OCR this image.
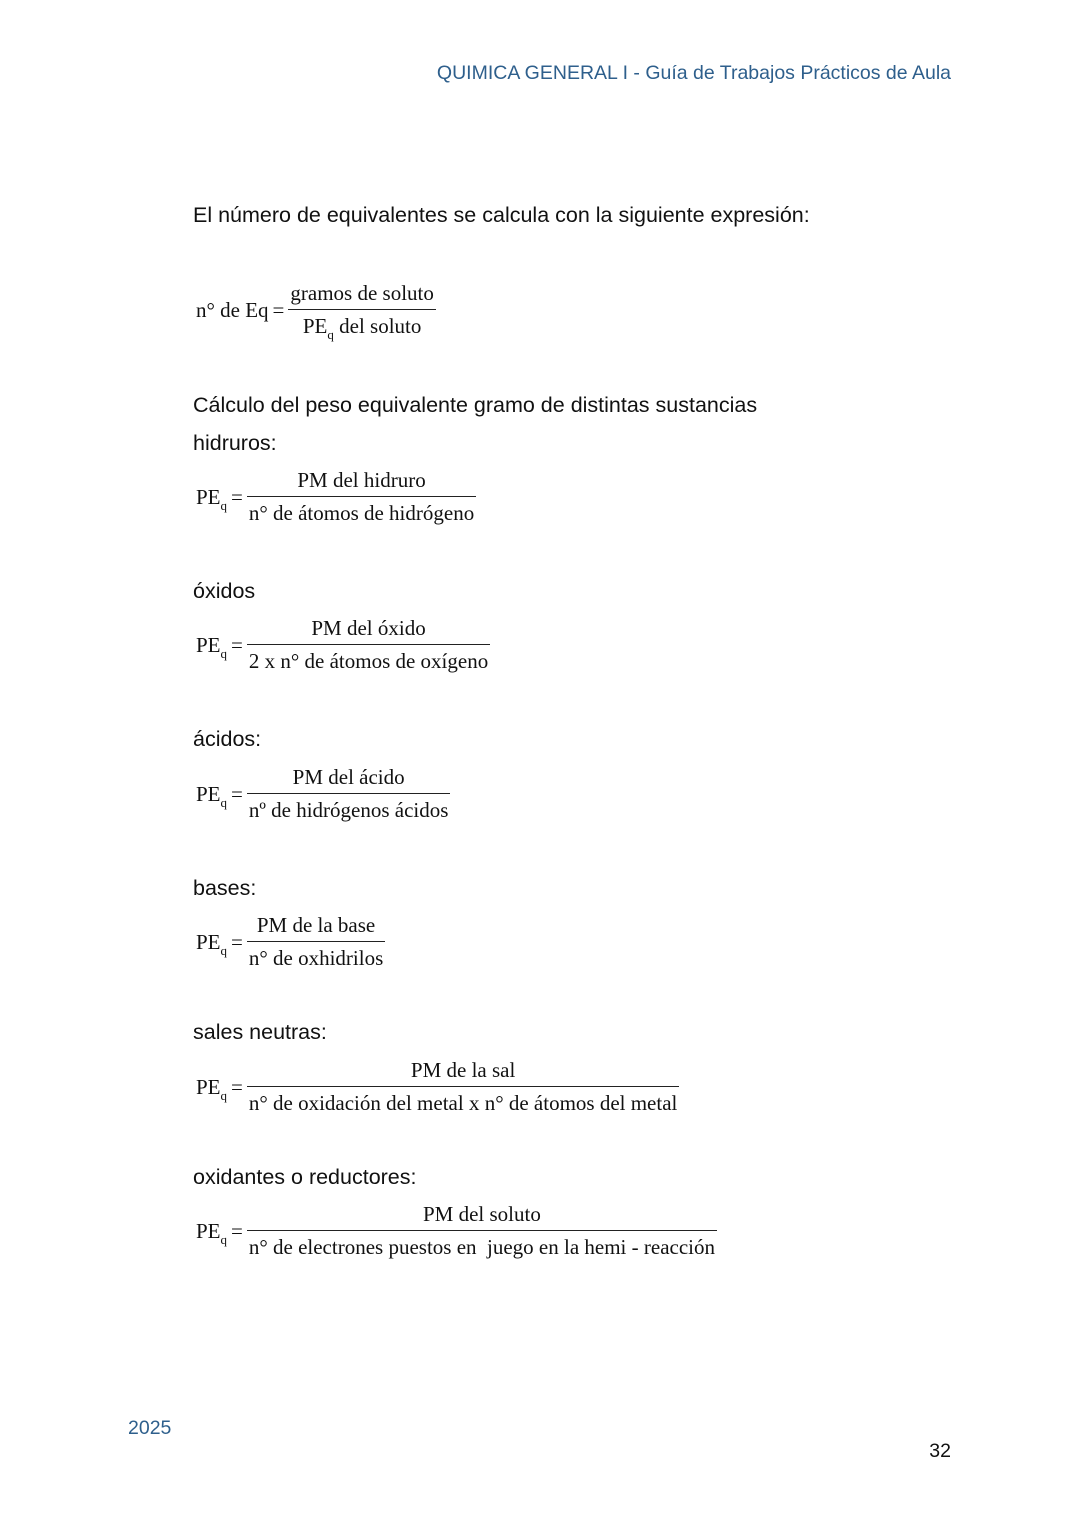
QUIMICA GENERAL I - Guía de Trabajos Prácticos de Aula
El número de equivalentes se calcula con la siguiente expresión:
n° de $Eq = \frac{\text{gramos de soluto}}{PE_q del soluto}$
Cálculo del peso equivalente gramo de distintas sustancias
hidruros:
$PE_q = \frac{\text{PM del hidruro}}{\text{n° de átomos de hidrógeno}}$
óxidos
$PE_q = \frac{\text{PM del óxido}}{\text{2 x n° de átomos de oxígeno}}$
ácidos:
$PE_q = \frac{\text{PM del ácido}}{\text{nº de hidrógenos ácidos}}$
bases:
$PE_q = \frac{\text{PM de la base}}{\text{n° de oxhidrilos}}$
sales neutras:
$PE_q = \frac{\text{PM de la sal}}{\text{n° de oxidación del metal x n° de átomos del metal}}$
oxidantes o reductores:
$PE_q = \frac{\text{PM del soluto}}{\text{n° de electrones puestos en  juego en la hemi - reacción}}$
2025
32
